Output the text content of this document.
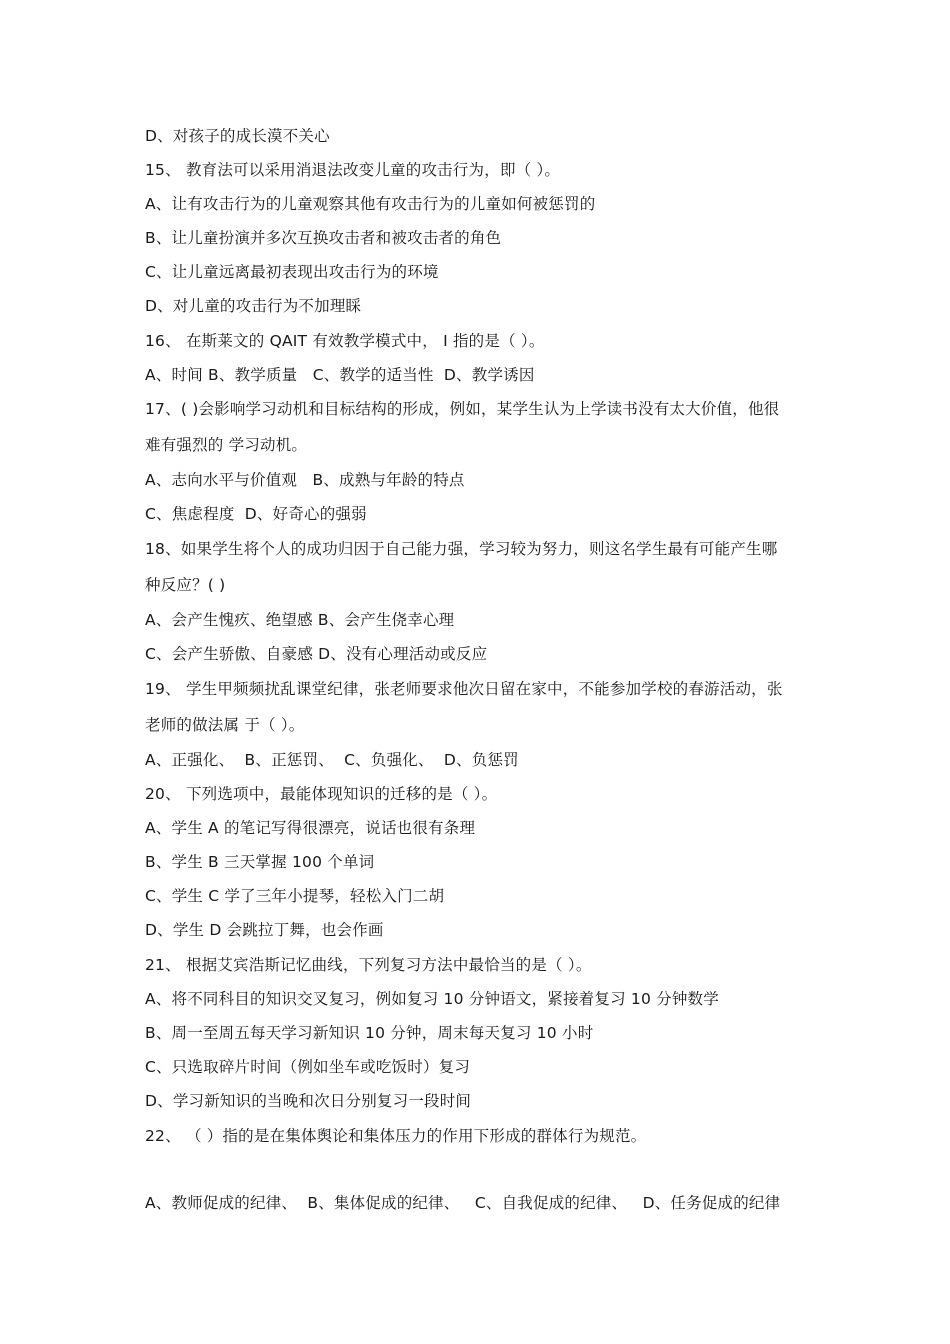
D、对孩子的成长漠不关心
15、 教育法可以采用消退法改变儿童的攻击行为，即（ ）。
A、让有攻击行为的儿童观察其他有攻击行为的儿童如何被惩罚的
B、让儿童扮演并多次互换攻击者和被攻击者的角色
C、让儿童远离最初表现出攻击行为的环境
D、对儿童的攻击行为不加理睬
16、 在斯莱文的 QAIT 有效教学模式中， I 指的是（ ）。
A、时间 B、教学质量   C、教学的适当性  D、教学诱因
17、( )会影响学习动机和目标结构的形成，例如，某学生认为上学读书没有太大价值，他很
难有强烈的 学习动机。
A、志向水平与价值观   B、成熟与年龄的特点
C、焦虑程度  D、好奇心的强弱
18、如果学生将个人的成功归因于自己能力强，学习较为努力，则这名学生最有可能产生哪
种反应？( )
A、会产生愧疚、绝望感 B、会产生侥幸心理
C、会产生骄傲、自豪感 D、没有心理活动或反应
19、 学生甲频频扰乱课堂纪律，张老师要求他次日留在家中，不能参加学校的春游活动，张
老师的做法属 于（ ）。
A、正强化、  B、正惩罚、  C、负强化、  D、负惩罚
20、 下列选项中，最能体现知识的迁移的是（ ）。
A、学生 A 的笔记写得很漂亮，说话也很有条理
B、学生 B 三天掌握 100 个单词
C、学生 C 学了三年小提琴，轻松入门二胡
D、学生 D 会跳拉丁舞，也会作画
21、 根据艾宾浩斯记忆曲线，下列复习方法中最恰当的是（ ）。
A、将不同科目的知识交叉复习，例如复习 10 分钟语文，紧接着复习 10 分钟数学
B、周一至周五每天学习新知识 10 分钟，周末每天复习 10 小时
C、只选取碎片时间（例如坐车或吃饭时）复习
D、学习新知识的当晚和次日分别复习一段时间
22、 （ ）指的是在集体舆论和集体压力的作用下形成的群体行为规范。
A、教师促成的纪律、  B、集体促成的纪律、   C、自我促成的纪律、   D、任务促成的纪律
